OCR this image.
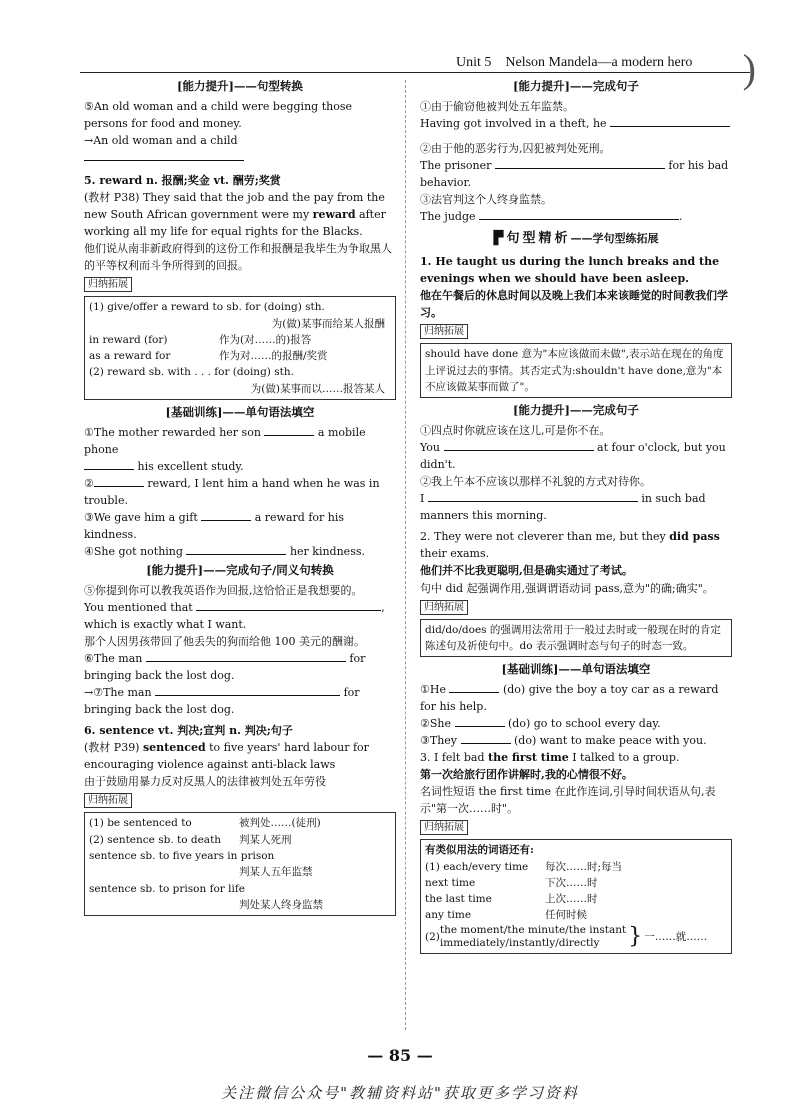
Unit 5 Nelson Mandela—a modern hero )
[能力提升]——句型转换

⑤An old woman and a child were begging those persons for food and money.

→An old woman and a child

5. reward n. 报酬;奖金 vt. 酬劳;奖赏

(教材 P38) They said that the job and the pay from the new South African government were my reward after working all my life for equal rights for the Blacks.

他们说从南非新政府得到的这份工作和报酬是我毕生为争取黑人的平等权利而斗争所得到的回报。

归纳拓展
(1) give/offer a reward to sb. for (doing) sth.
为(做)某事而给某人报酬
in reward (for)	作为(对……的)报答
as a reward for	作为对……的报酬/奖赏
(2) reward sb. with . . . for (doing) sth.
为(做)某事而以……报答某人
[基础训练]——单句语法填空

①The mother rewarded her son	a mobile phone

his excellent study.

②	reward, I lent him a hand when he was in trouble.

③We gave him a gift	a reward for his kindness.

④She got nothing	her kindness.

[能力提升]——完成句子/同义句转换

⑤你提到你可以教我英语作为回报,这恰恰正是我想要的。

You mentioned that	,

which is exactly what I want.

那个人因男孩带回了他丢失的狗而给他 100 美元的酬谢。

⑥The man	for

bringing back the lost dog.

→⑦The man	for

bringing back the lost dog.

6. sentence vt. 判决;宣判 n. 判决;句子

(教材 P39) sentenced to five years' hard labour for encouraging violence against anti-black laws

由于鼓励用暴力反对反黑人的法律被判处五年劳役

归纳拓展
(1) be sentenced to	被判处……(徒刑)
(2) sentence sb. to death	判某人死刑
sentence sb. to five years in prison
判某人五年监禁
sentence sb. to prison for life
判处某人终身监禁
[能力提升]——完成句子

①由于偷窃他被判处五年监禁。

Having got involved in a theft, he

②由于他的恶劣行为,囚犯被判处死刑。

The prisoner	for his bad behavior.

③法官判这个人终身监禁。

The judge	.

▛句型精析——学句型练拓展

1. He taught us during the lunch breaks and the evenings when we should have been asleep.

他在午餐后的休息时间以及晚上我们本来该睡觉的时间教我们学习。

归纳拓展
should have done 意为"本应该做而未做",表示站在现在的角度上评说过去的事情。其否定式为:shouldn't have done,意为"本不应该做某事而做了"。
[能力提升]——完成句子

①四点时你就应该在这儿,可是你不在。

You	at four o'clock, but you didn't.

②我上午本不应该以那样不礼貌的方式对待你。

I	in such bad manners this morning.

2. They were not cleverer than me, but they did pass their exams.

他们并不比我更聪明,但是确实通过了考试。

句中 did 起强调作用,强调谓语动词 pass,意为"的确;确实"。

归纳拓展
did/do/does 的强调用法常用于一般过去时或一般现在时的肯定陈述句及祈使句中。do 表示强调时态与句子的时态一致。
[基础训练]——单句语法填空

①He	(do) give the boy a toy car as a reward for his help.

②She	(do) go to school every day.

③They	(do) want to make peace with you.

3. I felt bad the first time I talked to a group.

第一次给旅行团作讲解时,我的心情很不好。

名词性短语 the first time 在此作连词,引导时间状语从句,表示"第一次……时"。

归纳拓展
有类似用法的词语还有:
(1) each/every time	每次……时;每当
next time	下次……时
the last time	上次……时
any time	任何时候
(2)
the moment/the minute/the instant
immediately/instantly/directly	} 一……就……
— 85 —
关注微信公众号"教辅资料站"获取更多学习资料
